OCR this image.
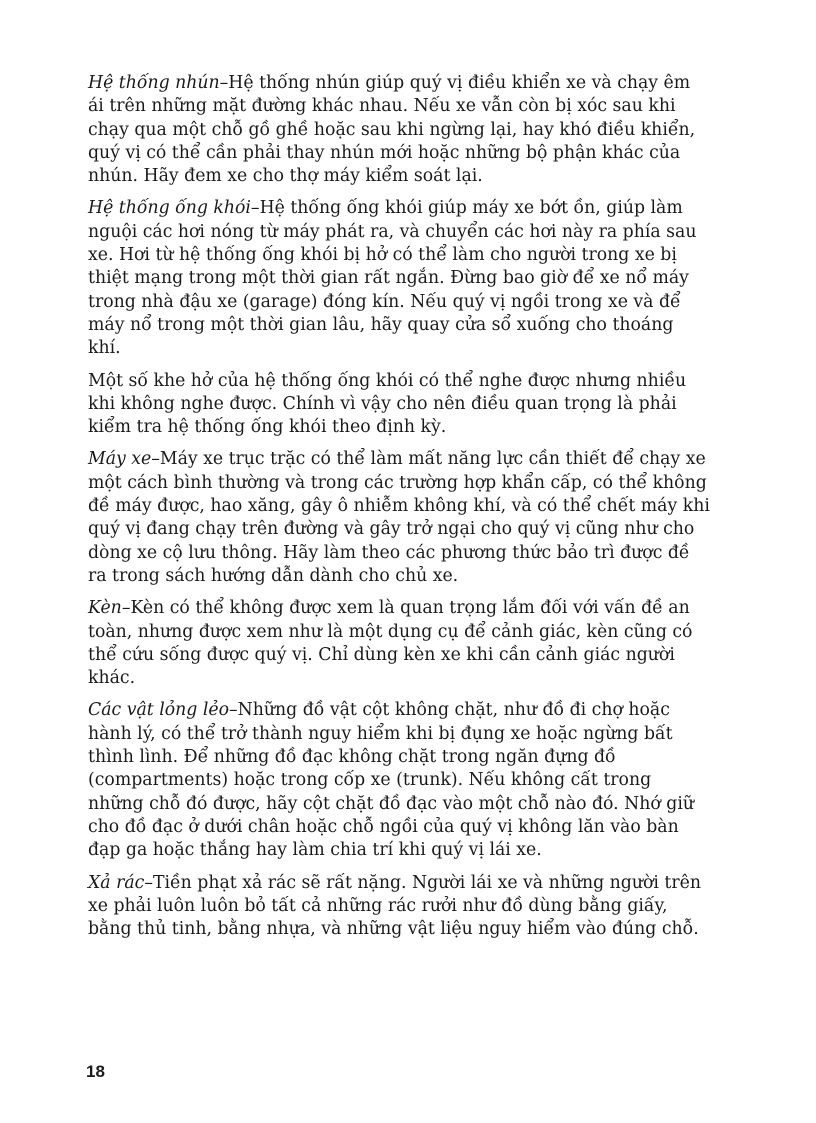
Hệ thống nhún–Hệ thống nhún giúp quý vị điều khiển xe và chạy êm ái trên những mặt đường khác nhau. Nếu xe vẫn còn bị xóc sau khi chạy qua một chỗ gồ ghề hoặc sau khi ngừng lại, hay khó điều khiển, quý vị có thể cần phải thay nhún mới hoặc những bộ phận khác của nhún. Hãy đem xe cho thợ máy kiểm soát lại.

Hệ thống ống khói–Hệ thống ống khói giúp máy xe bớt ồn, giúp làm nguội các hơi nóng từ máy phát ra, và chuyển các hơi này ra phía sau xe. Hơi từ hệ thống ống khói bị hở có thể làm cho người trong xe bị thiệt mạng trong một thời gian rất ngắn. Đừng bao giờ để xe nổ máy trong nhà đậu xe (garage) đóng kín. Nếu quý vị ngồi trong xe và để máy nổ trong một thời gian lâu, hãy quay cửa sổ xuống cho thoáng khí.

Một số khe hở của hệ thống ống khói có thể nghe được nhưng nhiều khi không nghe được. Chính vì vậy cho nên điều quan trọng là phải kiểm tra hệ thống ống khói theo định kỳ.

Máy xe–Máy xe trục trặc có thể làm mất năng lực cần thiết để chạy xe một cách bình thường và trong các trường hợp khẩn cấp, có thể không đề máy được, hao xăng, gây ô nhiễm không khí, và có thể chết máy khi quý vị đang chạy trên đường và gây trở ngại cho quý vị cũng như cho dòng xe cộ lưu thông. Hãy làm theo các phương thức bảo trì được đề ra trong sách hướng dẫn dành cho chủ xe.

Kèn–Kèn có thể không được xem là quan trọng lắm đối với vấn đề an toàn, nhưng được xem như là một dụng cụ để cảnh giác, kèn cũng có thể cứu sống được quý vị. Chỉ dùng kèn xe khi cần cảnh giác người khác.

Các vật lỏng lẻo–Những đồ vật cột không chặt, như đồ đi chợ hoặc hành lý, có thể trở thành nguy hiểm khi bị đụng xe hoặc ngừng bất thình lình. Để những đồ đạc không chặt trong ngăn đựng đồ (compartments) hoặc trong cốp xe (trunk). Nếu không cất trong những chỗ đó được, hãy cột chặt đồ đạc vào một chỗ nào đó. Nhớ giữ cho đồ đạc ở dưới chân hoặc chỗ ngồi của quý vị không lăn vào bàn đạp ga hoặc thắng hay làm chia trí khi quý vị lái xe.

Xả rác–Tiền phạt xả rác sẽ rất nặng. Người lái xe và những người trên xe phải luôn luôn bỏ tất cả những rác rưởi như đồ dùng bằng giấy, bằng thủ tinh, bằng nhựa, và những vật liệu nguy hiểm vào đúng chỗ.

18
